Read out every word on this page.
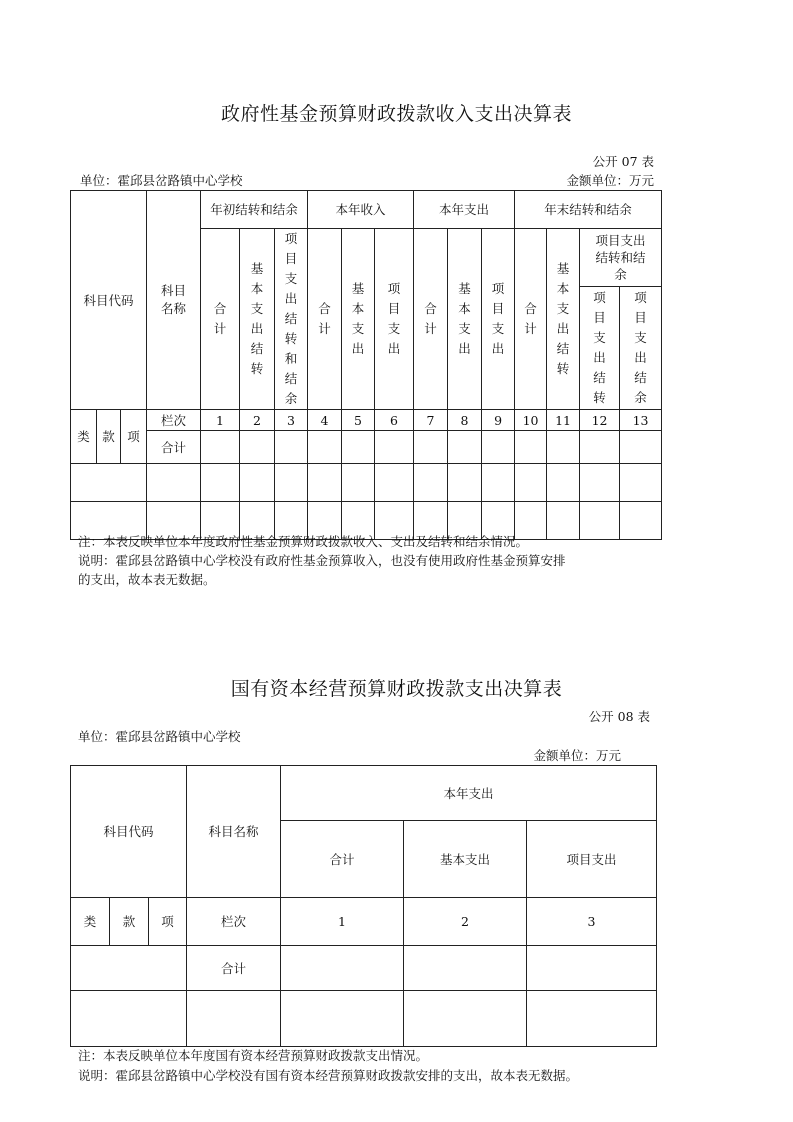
政府性基金预算财政拨款收入支出决算表
公开 07 表
单位：霍邱县岔路镇中心学校	金额单位：万元
科目代码			科目名称	年初结转和结余			本年收入			本年支出			年末结转和结余			
				合计	基本支出结转	项目支出结转和结余	合计	基本支出	项目支出	合计	基本支出	项目支出	合计	基本支出结转	项目支出结转和结余	
															项目支出结转	项目支出结余
类	款	项	栏次	1	2	3	4	5	6	7	8	9	10	11	12	13
			合计													

注：本表反映单位本年度政府性基金预算财政拨款收入、支出及结转和结余情况。
说明：霍邱县岔路镇中心学校没有政府性基金预算收入，也没有使用政府性基金预算安排
的支出，故本表无数据。
国有资本经营预算财政拨款支出决算表
公开 08 表
单位：霍邱县岔路镇中心学校
金额单位：万元
科目代码			科目名称	本年支出		
				合计	基本支出	项目支出
类	款	项	栏次	1	2	3
			合计			

注：本表反映单位本年度国有资本经营预算财政拨款支出情况。
说明：霍邱县岔路镇中心学校没有国有资本经营预算财政拨款安排的支出，故本表无数据。
